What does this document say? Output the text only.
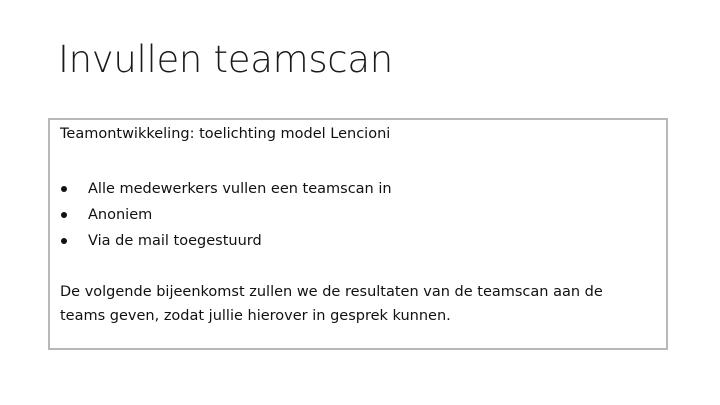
Invullen teamscan

Teamontwikkeling: toelichting model Lencioni

Alle medewerkers vullen een teamscan in
Anoniem
Via de mail toegestuurd

De volgende bijeenkomst zullen we de resultaten van de teamscan aan de teams geven, zodat jullie hierover in gesprek kunnen.
